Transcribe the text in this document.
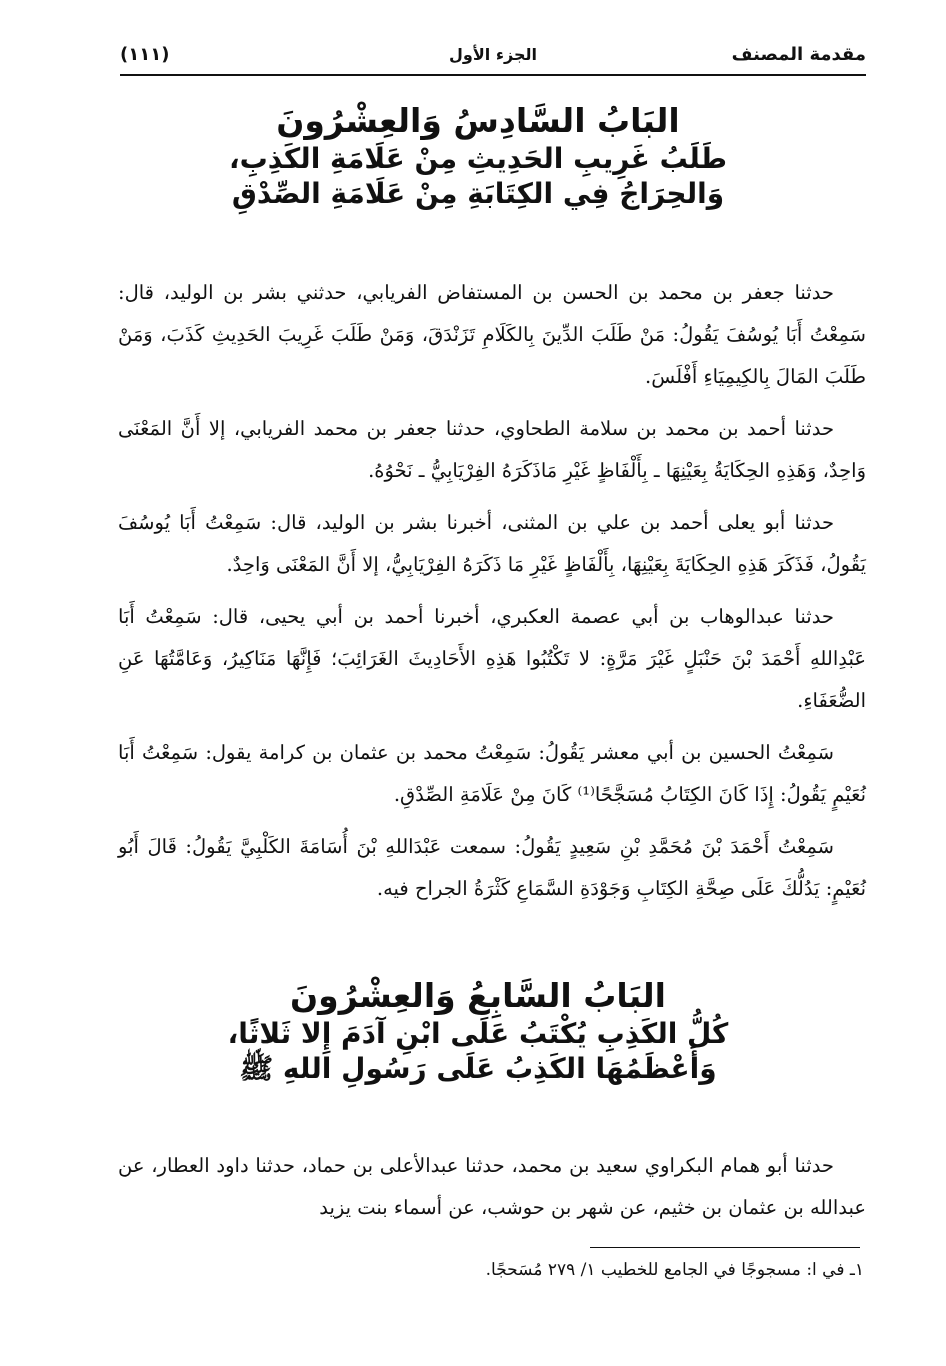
مقدمة المصنف
الجزء الأول
(١١١)
البَابُ السَّادِسُ وَالعِشْرُونَ
طَلَبُ غَرِيبِ الحَدِيثِ مِنْ عَلَامَةِ الكَذِبِ،
وَالحِرَاجُ فِي الكِتَابَةِ مِنْ عَلَامَةِ الصِّدْقِ

حدثنا جعفر بن محمد بن الحسن بن المستفاض الفريابي، حدثني بشر بن الوليد، قال: سَمِعْتُ أَبَا يُوسُفَ يَقُولُ: مَنْ طَلَبَ الدِّينَ بِالكَلَامِ تَزَنْدَقَ، وَمَنْ طَلَبَ غَرِيبَ الحَدِيثِ كَذَبَ، وَمَنْ طَلَبَ المَالَ بِالكِيمِيَاءِ أَفْلَسَ.

حدثنا أحمد بن محمد بن سلامة الطحاوي، حدثنا جعفر بن محمد الفريابي، إلا أَنَّ المَعْنَى وَاحِدٌ، وَهَذِهِ الحِكَايَةُ بِعَيْنِهَا ـ بِأَلْفَاظٍ غَيْرِ مَاذَكَرَهُ الفِرْيَابِيُّ ـ نَحْوُهُ.

حدثنا أبو يعلى أحمد بن علي بن المثنى، أخبرنا بشر بن الوليد، قال: سَمِعْتُ أَبَا يُوسُفَ يَقُولُ، فَذَكَرَ هَذِهِ الحِكَايَةَ بِعَيْنِهَا، بِأَلْفَاظٍ غَيْرِ مَا ذَكَرَهُ الفِرْيَابِيُّ، إلا أَنَّ المَعْنَى وَاحِدٌ.

حدثنا عبدالوهاب بن أبي عصمة العكبري، أخبرنا أحمد بن أبي يحيى، قال: سَمِعْتُ أَبَا عَبْدِاللهِ أَحْمَدَ بْنَ حَنْبَلٍ غَيْرَ مَرَّةٍ: لا تَكْتُبُوا هَذِهِ الأَحَادِيثَ الغَرَائِبَ؛ فَإِنَّهَا مَنَاكِيرُ، وَعَامَّتُهَا عَنِ الضُّعَفَاءِ.

سَمِعْتُ الحسين بن أبي معشر يَقُولُ: سَمِعْتُ محمد بن عثمان بن كرامة يقول: سَمِعْتُ أَبَا نُعَيْمٍ يَقُولُ: إِذَا كَانَ الكِتَابُ مُسَجَّحًا⁽¹⁾ كَانَ مِنْ عَلَامَةِ الصِّدْقِ.

سَمِعْتُ أَحْمَدَ بْنَ مُحَمَّدِ بْنِ سَعِيدٍ يَقُولُ: سمعت عَبْدَاللهِ بْنَ أُسَامَةَ الكَلْبِيَّ يَقُولُ: قَالَ أَبُو نُعَيْمٍ: يَدُلُّكَ عَلَى صِحَّةِ الكِتَابِ وَجَوْدَةِ السَّمَاعِ كَثْرَةُ الجراح فيه.

البَابُ السَّابِعُ وَالعِشْرُونَ
كُلُّ الكَذِبِ يُكْتَبُ عَلَى ابْنِ آدَمَ إِلا ثَلاثًا،
وَأَعْظَمُهَا الكَذِبُ عَلَى رَسُولِ اللهِ ﷺ

حدثنا أبو همام البكراوي سعيد بن محمد، حدثنا عبدالأعلى بن حماد، حدثنا داود العطار، عن عبدالله بن عثمان بن خثيم، عن شهر بن حوشب، عن أسماء بنت يزيد

١ـ في ا: مسجوجًا في الجامع للخطيب ١/ ٢٧٩ مُسَحجًا.
